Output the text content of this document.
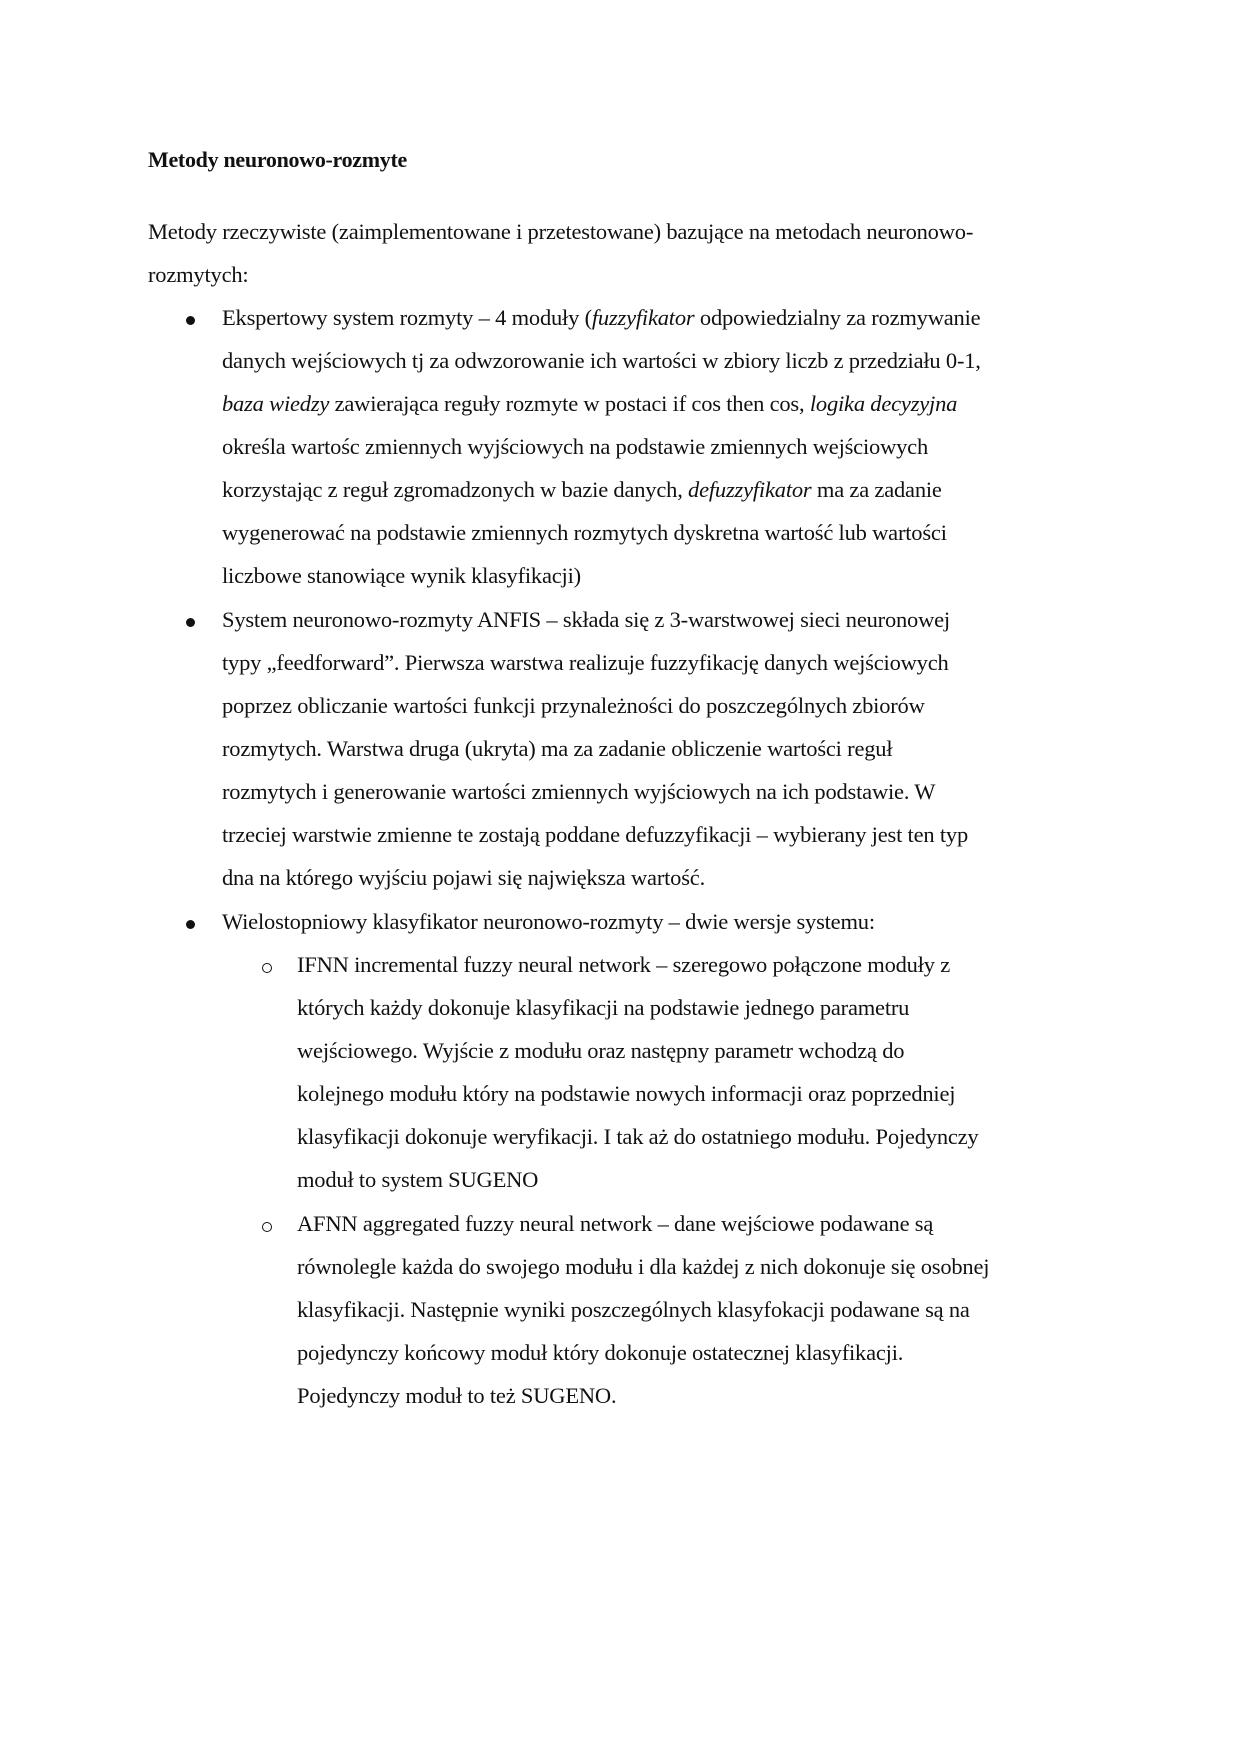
Metody neuronowo-rozmyte
Metody rzeczywiste (zaimplementowane i przetestowane) bazujące na metodach neuronowo-
rozmytych:
Ekspertowy system rozmyty – 4 moduły (fuzzyfikator odpowiedzialny za rozmywanie
danych wejściowych tj za odwzorowanie ich wartości w zbiory liczb z przedziału 0-1,
baza wiedzy zawierająca reguły rozmyte w postaci if cos then cos, logika decyzyjna
określa wartośc zmiennych wyjściowych na podstawie zmiennych wejściowych
korzystając z reguł zgromadzonych w bazie danych, defuzzyfikator ma za zadanie
wygenerować na podstawie zmiennych rozmytych dyskretna wartość lub wartości
liczbowe stanowiące wynik klasyfikacji)
System neuronowo-rozmyty ANFIS – składa się z 3-warstwowej sieci neuronowej
typy „feedforward”. Pierwsza warstwa realizuje fuzzyfikację danych wejściowych
poprzez obliczanie wartości funkcji przynależności do poszczególnych zbiorów
rozmytych. Warstwa druga (ukryta) ma za zadanie obliczenie wartości reguł
rozmytych i generowanie wartości zmiennych wyjściowych na ich podstawie. W
trzeciej warstwie zmienne te zostają poddane defuzzyfikacji – wybierany jest ten typ
dna na którego wyjściu pojawi się największa wartość.
Wielostopniowy klasyfikator neuronowo-rozmyty – dwie wersje systemu:
IFNN incremental fuzzy neural network – szeregowo połączone moduły z
których każdy dokonuje klasyfikacji na podstawie jednego parametru
wejściowego. Wyjście z modułu oraz następny parametr wchodzą do
kolejnego modułu który na podstawie nowych informacji oraz poprzedniej
klasyfikacji dokonuje weryfikacji. I tak aż do ostatniego modułu. Pojedynczy
moduł to system SUGENO
AFNN aggregated fuzzy neural network – dane wejściowe podawane są
równolegle każda do swojego modułu i dla każdej z nich dokonuje się osobnej
klasyfikacji. Następnie wyniki poszczególnych klasyfokacji podawane są na
pojedynczy końcowy moduł który dokonuje ostatecznej klasyfikacji.
Pojedynczy moduł to też SUGENO.
